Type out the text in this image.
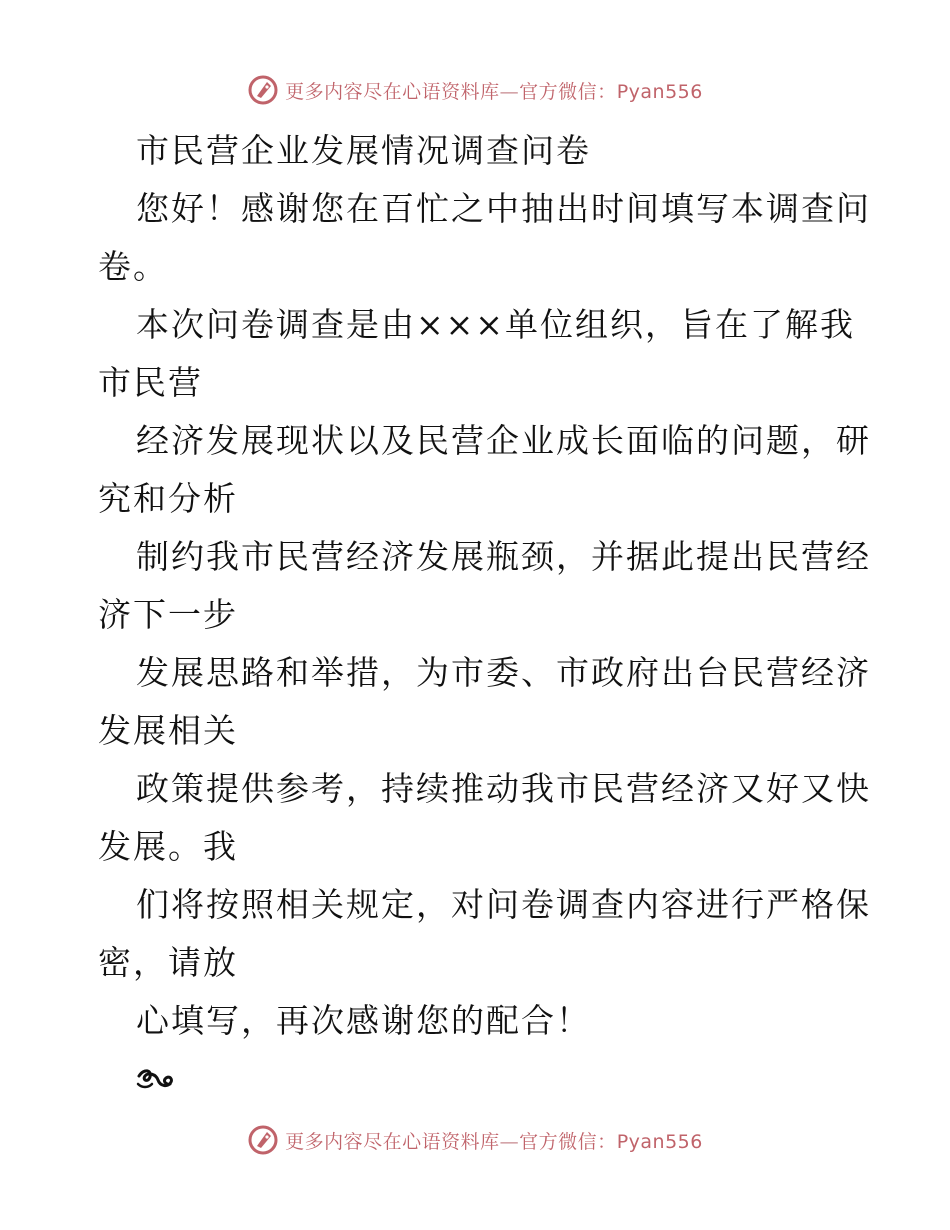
更多内容尽在心语资料库—官方微信：Pyan556
市民营企业发展情况调查问卷
您好！感谢您在百忙之中抽出时间填写本调查问
卷。
本次问卷调查是由×××单位组织，旨在了解我
市民营
经济发展现状以及民营企业成长面临的问题，研
究和分析
制约我市民营经济发展瓶颈，并据此提出民营经
济下一步
发展思路和举措，为市委、市政府出台民营经济
发展相关
政策提供参考，持续推动我市民营经济又好又快
发展。我
们将按照相关规定，对问卷调查内容进行严格保
密，请放
心填写，再次感谢您的配合！
更多内容尽在心语资料库—官方微信：Pyan556
